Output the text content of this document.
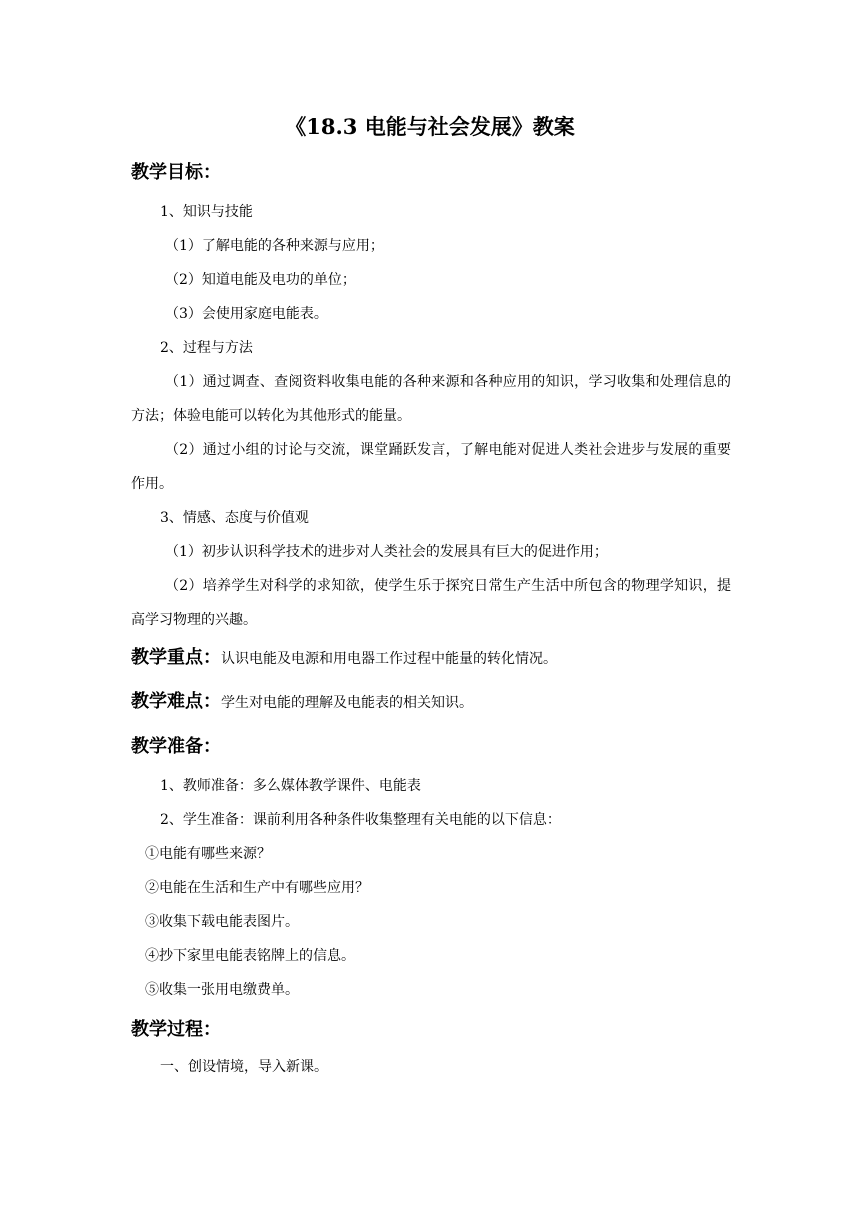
《18.3 电能与社会发展》教案
教学目标：
1、知识与技能
（1）了解电能的各种来源与应用；
（2）知道电能及电功的单位；
（3）会使用家庭电能表。
2、过程与方法
（1）通过调查、查阅资料收集电能的各种来源和各种应用的知识，学习收集和处理信息的方法；体验电能可以转化为其他形式的能量。
（2）通过小组的讨论与交流，课堂踊跃发言，了解电能对促进人类社会进步与发展的重要作用。
3、情感、态度与价值观
（1）初步认识科学技术的进步对人类社会的发展具有巨大的促进作用；
（2）培养学生对科学的求知欲，使学生乐于探究日常生产生活中所包含的物理学知识，提高学习物理的兴趣。
教学重点：认识电能及电源和用电器工作过程中能量的转化情况。
教学难点：学生对电能的理解及电能表的相关知识。
教学准备：
1、教师准备：多么媒体教学课件、电能表
2、学生准备：课前利用各种条件收集整理有关电能的以下信息：
①电能有哪些来源？
②电能在生活和生产中有哪些应用？
③收集下载电能表图片。
④抄下家里电能表铭牌上的信息。
⑤收集一张用电缴费单。
教学过程：
一、创设情境，导入新课。
